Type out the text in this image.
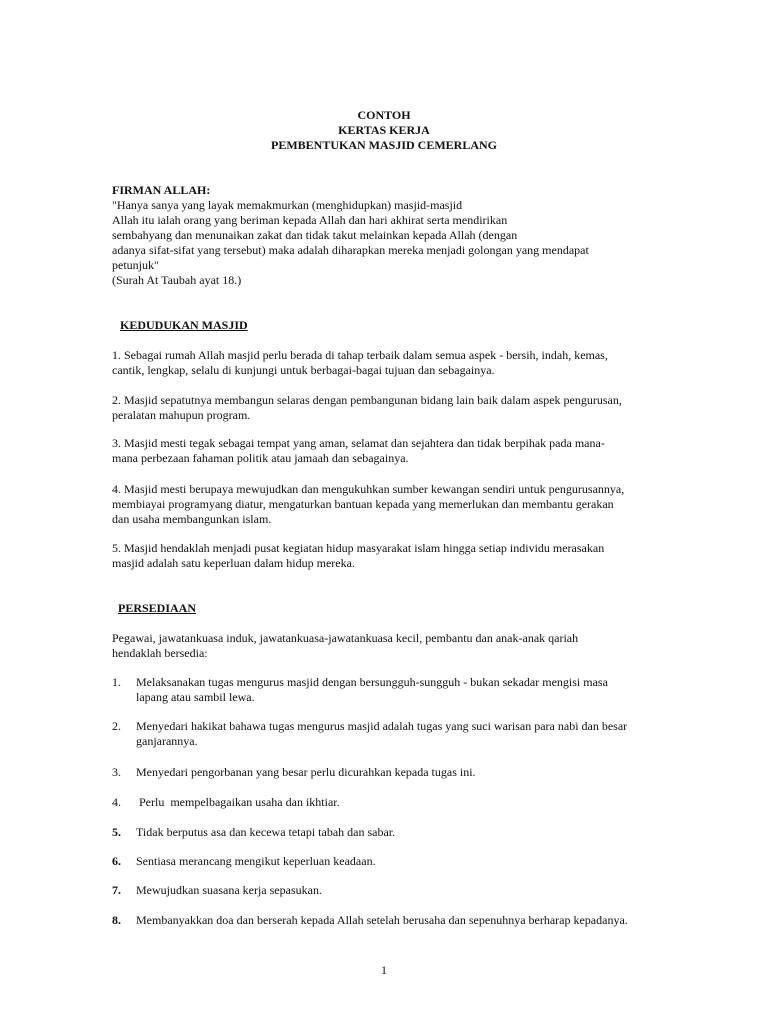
CONTOH
KERTAS KERJA
PEMBENTUKAN MASJID CEMERLANG
FIRMAN ALLAH:
"Hanya sanya yang layak memakmurkan (menghidupkan) masjid-masjid
Allah itu ialah orang yang beriman kepada Allah dan hari akhirat serta mendirikan
sembahyang dan menunaikan zakat dan tidak takut melainkan kepada Allah (dengan
adanya sifat-sifat yang tersebut) maka adalah diharapkan mereka menjadi golongan yang mendapat
petunjuk"
(Surah At Taubah ayat 18.)
KEDUDUKAN MASJID
1. Sebagai rumah Allah masjid perlu berada di tahap terbaik dalam semua aspek - bersih, indah, kemas,
cantik, lengkap, selalu di kunjungi untuk berbagai-bagai tujuan dan sebagainya.
2. Masjid sepatutnya membangun selaras dengan pembangunan bidang lain baik dalam aspek pengurusan,
peralatan mahupun program.
3. Masjid mesti tegak sebagai tempat yang aman, selamat dan sejahtera dan tidak berpihak pada mana-
mana perbezaan fahaman politik atau jamaah dan sebagainya.
4. Masjid mesti berupaya mewujudkan dan mengukuhkan sumber kewangan sendiri untuk pengurusannya,
membiayai programyang diatur, mengaturkan bantuan kepada yang memerlukan dan membantu gerakan
dan usaha membangunkan islam.
5. Masjid hendaklah menjadi pusat kegiatan hidup masyarakat islam hingga setiap individu merasakan
masjid adalah satu keperluan dalam hidup mereka.
PERSEDIAAN
Pegawai, jawatankuasa induk, jawatankuasa-jawatankuasa kecil, pembantu dan anak-anak qariah
hendaklah bersedia:
1. Melaksanakan tugas mengurus masjid dengan bersungguh-sungguh - bukan sekadar mengisi masa
lapang atau sambil lewa.
2. Menyedari hakikat bahawa tugas mengurus masjid adalah tugas yang suci warisan para nabi dan besar
ganjarannya.
3. Menyedari pengorbanan yang besar perlu dicurahkan kepada tugas ini.
4. Perlu  mempelbagaikan usaha dan ikhtiar.
5. Tidak berputus asa dan kecewa tetapi tabah dan sabar.
6. Sentiasa merancang mengikut keperluan keadaan.
7. Mewujudkan suasana kerja sepasukan.
8. Membanyakkan doa dan berserah kepada Allah setelah berusaha dan sepenuhnya berharap kepadanya.
1
